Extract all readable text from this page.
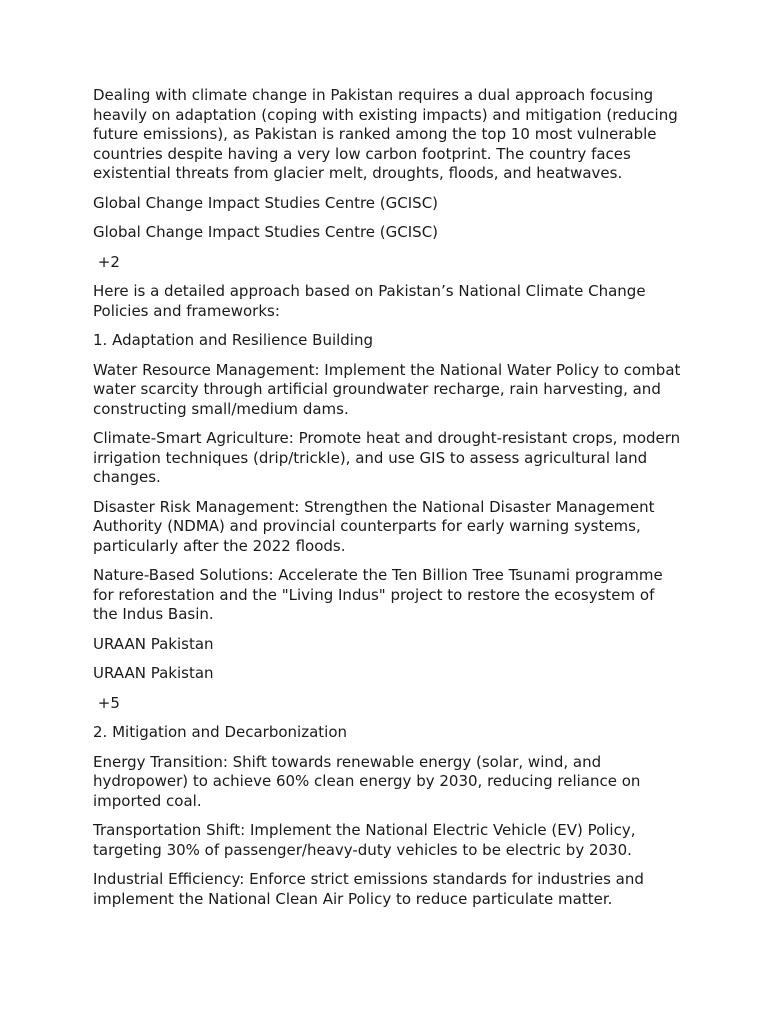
Dealing with climate change in Pakistan requires a dual approach focusing heavily on adaptation (coping with existing impacts) and mitigation (reducing future emissions), as Pakistan is ranked among the top 10 most vulnerable countries despite having a very low carbon footprint. The country faces existential threats from glacier melt, droughts, floods, and heatwaves.

Global Change Impact Studies Centre (GCISC)

Global Change Impact Studies Centre (GCISC)

+2

Here is a detailed approach based on Pakistan’s National Climate Change Policies and frameworks:

1. Adaptation and Resilience Building

Water Resource Management: Implement the National Water Policy to combat water scarcity through artificial groundwater recharge, rain harvesting, and constructing small/medium dams.

Climate-Smart Agriculture: Promote heat and drought-resistant crops, modern irrigation techniques (drip/trickle), and use GIS to assess agricultural land changes.

Disaster Risk Management: Strengthen the National Disaster Management Authority (NDMA) and provincial counterparts for early warning systems, particularly after the 2022 floods.

Nature-Based Solutions: Accelerate the Ten Billion Tree Tsunami programme for reforestation and the "Living Indus" project to restore the ecosystem of the Indus Basin.

URAAN Pakistan

URAAN Pakistan

+5

2. Mitigation and Decarbonization

Energy Transition: Shift towards renewable energy (solar, wind, and hydropower) to achieve 60% clean energy by 2030, reducing reliance on imported coal.

Transportation Shift: Implement the National Electric Vehicle (EV) Policy, targeting 30% of passenger/heavy-duty vehicles to be electric by 2030.

Industrial Efficiency: Enforce strict emissions standards for industries and implement the National Clean Air Policy to reduce particulate matter.
